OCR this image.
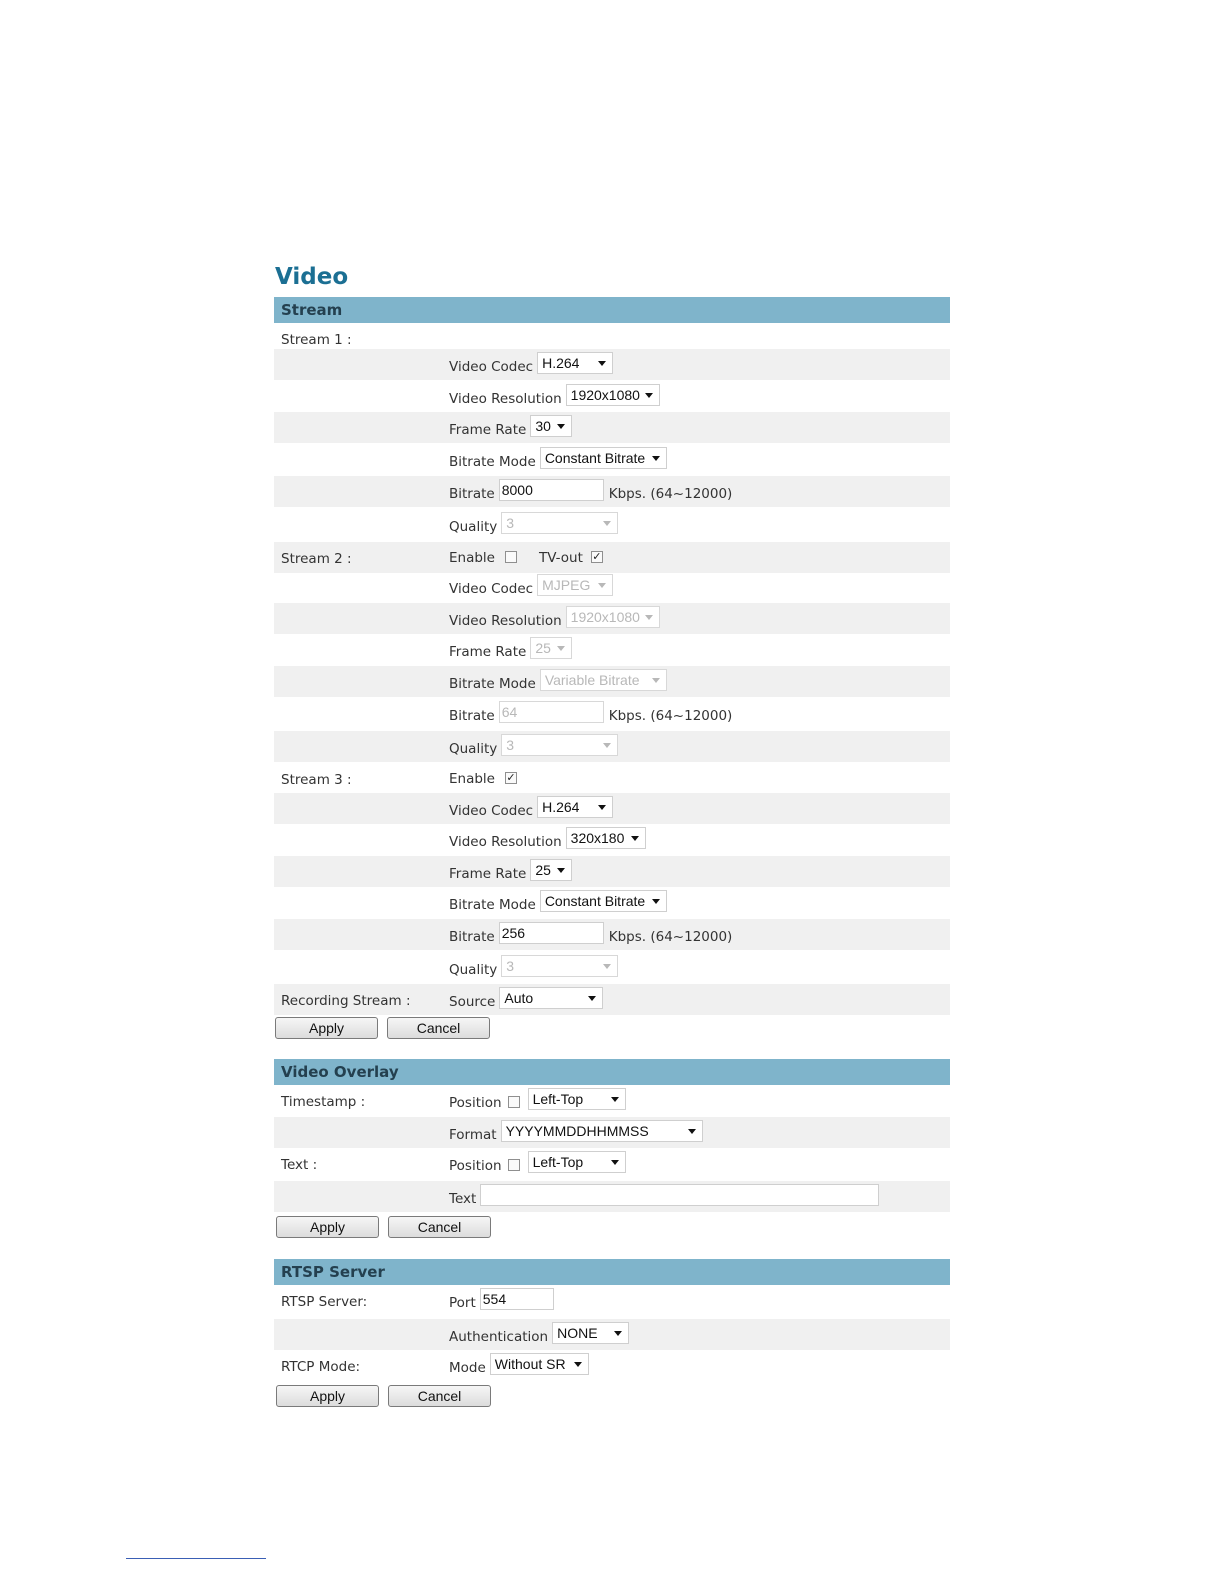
Video
Stream
Stream 1 :
Video Codec H.264
Video Resolution 1920x1080
Frame Rate 30
Bitrate Mode Constant Bitrate
Bitrate 8000	Kbps. (64~12000)
Quality 3
Stream 2 :	Enable	TV-out ✓
Video Codec MJPEG
Video Resolution 1920x1080
Frame Rate 25
Bitrate Mode Variable Bitrate
Bitrate 64	Kbps. (64~12000)
Quality 3
Stream 3 :	Enable ✓
Video Codec H.264
Video Resolution 320x180
Frame Rate 25
Bitrate Mode Constant Bitrate
Bitrate 256	Kbps. (64~12000)
Quality 3
Recording Stream :	Source Auto
Apply	Cancel
Video Overlay
Timestamp :	Position	Left-Top
Format YYYYMMDDHHMMSS
Text :	Position	Left-Top
Text
Apply	Cancel
RTSP Server
RTSP Server:	Port 554
Authentication NONE
RTCP Mode:	Mode Without SR
Apply	Cancel
